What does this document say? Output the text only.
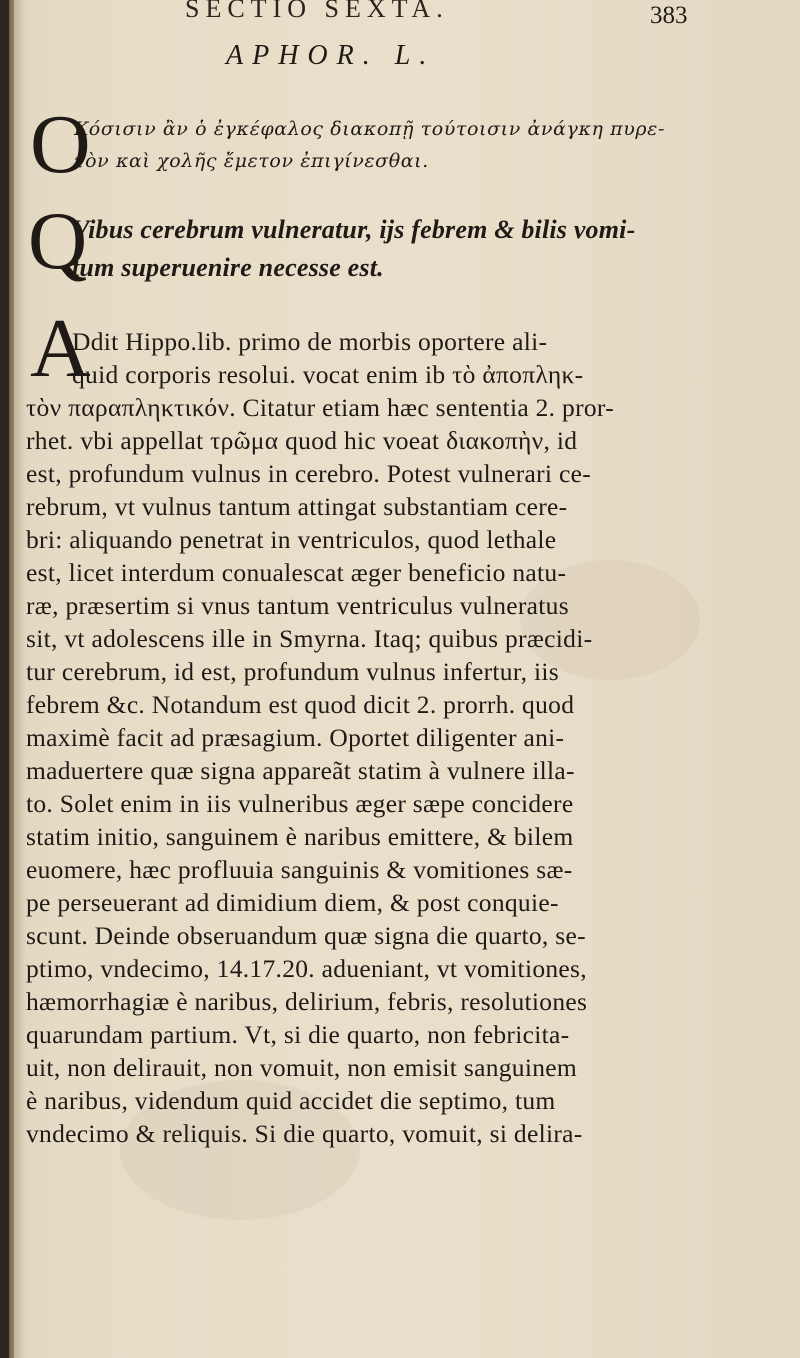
SECTIO SEXTA.	383
APHOR. L.
O
Κόσισιν ἂν ὁ ἐγκέφαλος διακοπῇ τούτοισιν ἀνάγκη πυρε-
τὸν καὶ χολῆς ἔμετον ἐπιγίνεσθαι.
Q
Vibus cerebrum vulneratur, ijs febrem & bilis vomi-
tum superuenire necesse est.
A
Ddit Hippo.lib. primo de morbis oportere ali-
quid corporis resolui. vocat enim ib τὸ ἀποπληκ-
τὸν παραπληκτικόν. Citatur etiam hæc sententia 2. pror-
rhet. vbi appellat τρῶμα quod hic voeat διακοπὴν, id
est, profundum vulnus in cerebro. Potest vulnerari ce-
rebrum, vt vulnus tantum attingat substantiam cere-
bri: aliquando penetrat in ventriculos, quod lethale
est, licet interdum conualescat æger beneficio natu-
ræ, præsertim si vnus tantum ventriculus vulneratus
sit, vt adolescens ille in Smyrna. Itaq; quibus præcidi-
tur cerebrum, id est, profundum vulnus infertur, iis
febrem &c. Notandum est quod dicit 2. prorrh. quod
maximè facit ad præsagium. Oportet diligenter ani-
maduertere quæ signa appareãt statim à vulnere illa-
to. Solet enim in iis vulneribus æger sæpe concidere
statim initio, sanguinem è naribus emittere, & bilem
euomere, hæc profluuia sanguinis & vomitiones sæ-
pe perseuerant ad dimidium diem, & post conquie-
scunt. Deinde obseruandum quæ signa die quarto, se-
ptimo, vndecimo, 14.17.20. adueniant, vt vomitiones,
hæmorrhagiæ è naribus, delirium, febris, resolutiones
quarundam partium. Vt, si die quarto, non febricita-
uit, non delirauit, non vomuit, non emisit sanguinem
è naribus, videndum quid accidet die septimo, tum
vndecimo & reliquis. Si die quarto, vomuit, si delira-
